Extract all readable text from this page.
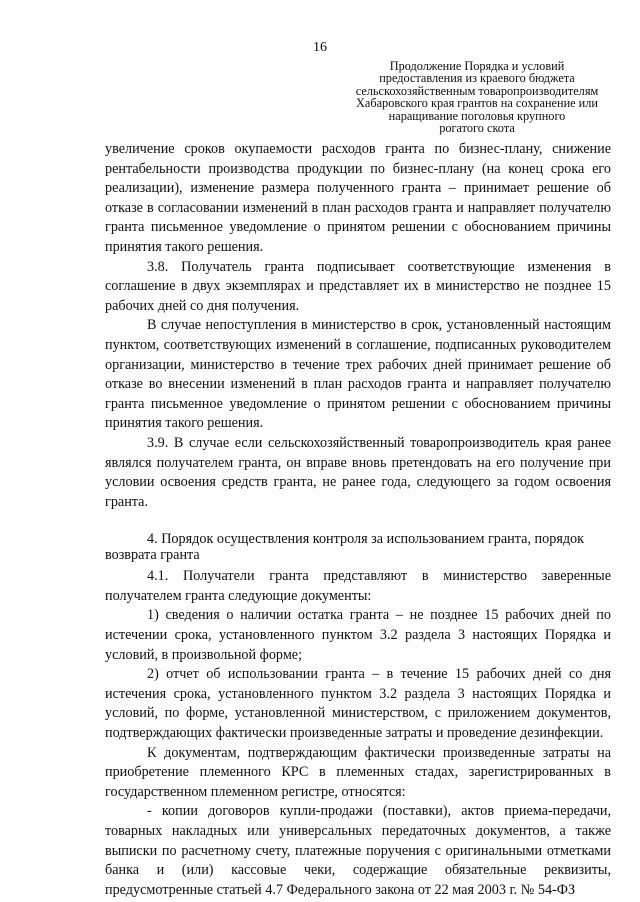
16
Продолжение Порядка и условий
предоставления из краевого бюджета
сельскохозяйственным товаропроизводителям
Хабаровского края грантов на сохранение или
наращивание поголовья крупного
рогатого скота

увеличение сроков окупаемости расходов гранта по бизнес-плану, снижение рентабельности производства продукции по бизнес-плану (на конец срока его реализации), изменение размера полученного гранта – принимает решение об отказе в согласовании изменений в план расходов гранта и направляет получателю гранта письменное уведомление о принятом решении с обоснованием причины принятия такого решения.

3.8. Получатель гранта подписывает соответствующие изменения в соглашение в двух экземплярах и представляет их в министерство не позднее 15 рабочих дней со дня получения.

В случае непоступления в министерство в срок, установленный настоящим пунктом, соответствующих изменений в соглашение, подписанных руководителем организации, министерство в течение трех рабочих дней принимает решение об отказе во внесении изменений в план расходов гранта и направляет получателю гранта письменное уведомление о принятом решении с обоснованием причины принятия такого решения.

3.9. В случае если сельскохозяйственный товаропроизводитель края ранее являлся получателем гранта, он вправе вновь претендовать на его получение при условии освоения средств гранта, не ранее года, следующего за годом освоения гранта.

4. Порядок осуществления контроля за использованием гранта, порядок возврата гранта

4.1. Получатели гранта представляют в министерство заверенные получателем гранта следующие документы:

1) сведения о наличии остатка гранта – не позднее 15 рабочих дней по истечении срока, установленного пунктом 3.2 раздела 3 настоящих Порядка и условий, в произвольной форме;

2) отчет об использовании гранта – в течение 15 рабочих дней со дня истечения срока, установленного пунктом 3.2 раздела 3 настоящих Порядка и условий, по форме, установленной министерством, с приложением документов, подтверждающих фактически произведенные затраты и проведение дезинфекции.

К документам, подтверждающим фактически произведенные затраты на приобретение племенного КРС в племенных стадах, зарегистрированных в государственном племенном регистре, относятся:

- копии договоров купли-продажи (поставки), актов приема-передачи, товарных накладных или универсальных передаточных документов, а также выписки по расчетному счету, платежные поручения с оригинальными отметками банка и (или) кассовые чеки, содержащие обязательные реквизиты, предусмотренные статьей 4.7 Федерального закона от 22 мая 2003 г. № 54-ФЗ
